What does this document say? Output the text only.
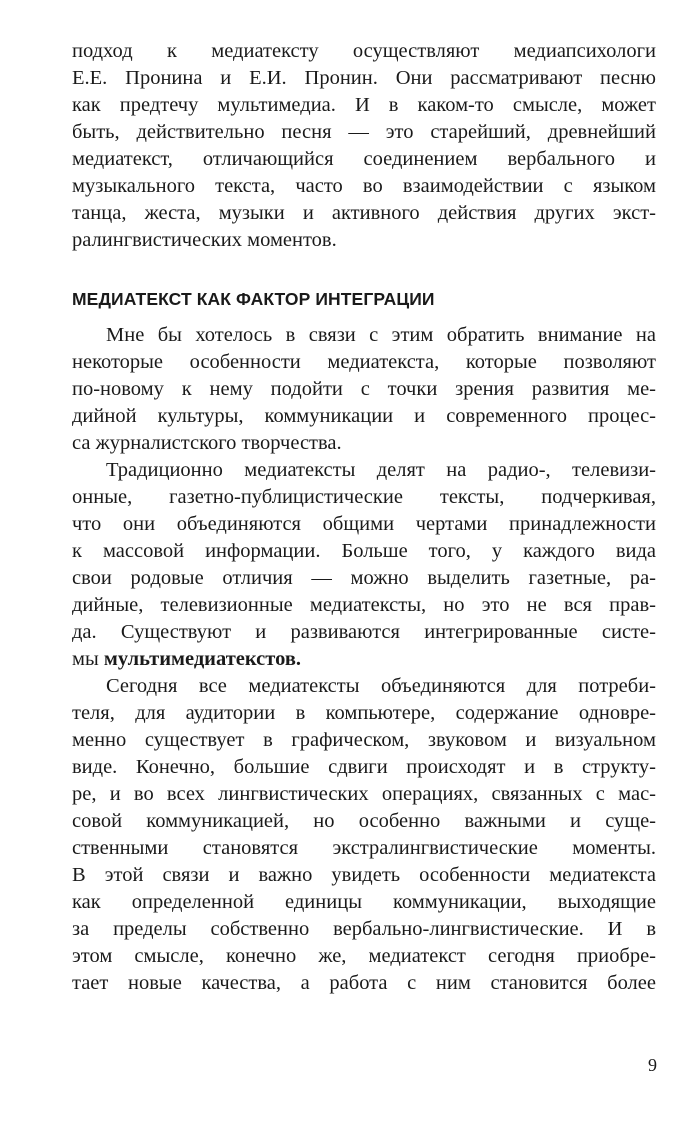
подход к медиатексту осуществляют медиапсихологи
Е.Е. Пронина и Е.И. Пронин. Они рассматривают песню
как предтечу мультимедиа. И в каком-то смысле, может
быть, действительно песня — это старейший, древнейший
медиатекст, отличающийся соединением вербального и
музыкального текста, часто во взаимодействии с языком
танца, жеста, музыки и активного действия других экст-
ралингвистических моментов.
МЕДИАТЕКСТ КАК ФАКТОР ИНТЕГРАЦИИ
Мне бы хотелось в связи с этим обратить внимание на
некоторые особенности медиатекста, которые позволяют
по-новому к нему подойти с точки зрения развития ме-
дийной культуры, коммуникации и современного процес-
са журналистского творчества.
Традиционно медиатексты делят на радио-, телевизи-
онные, газетно-публицистические тексты, подчеркивая,
что они объединяются общими чертами принадлежности
к массовой информации. Больше того, у каждого вида
свои родовые отличия — можно выделить газетные, ра-
дийные, телевизионные медиатексты, но это не вся прав-
да. Существуют и развиваются интегрированные систе-
мы мультимедиатекстов.
Сегодня все медиатексты объединяются для потреби-
теля, для аудитории в компьютере, содержание одновре-
менно существует в графическом, звуковом и визуальном
виде. Конечно, большие сдвиги происходят и в структу-
ре, и во всех лингвистических операциях, связанных с мас-
совой коммуникацией, но особенно важными и суще-
ственными становятся экстралингвистические моменты.
В этой связи и важно увидеть особенности медиатекста
как определенной единицы коммуникации, выходящие
за пределы собственно вербально-лингвистические. И в
этом смысле, конечно же, медиатекст сегодня приобре-
тает новые качества, а работа с ним становится более
9
